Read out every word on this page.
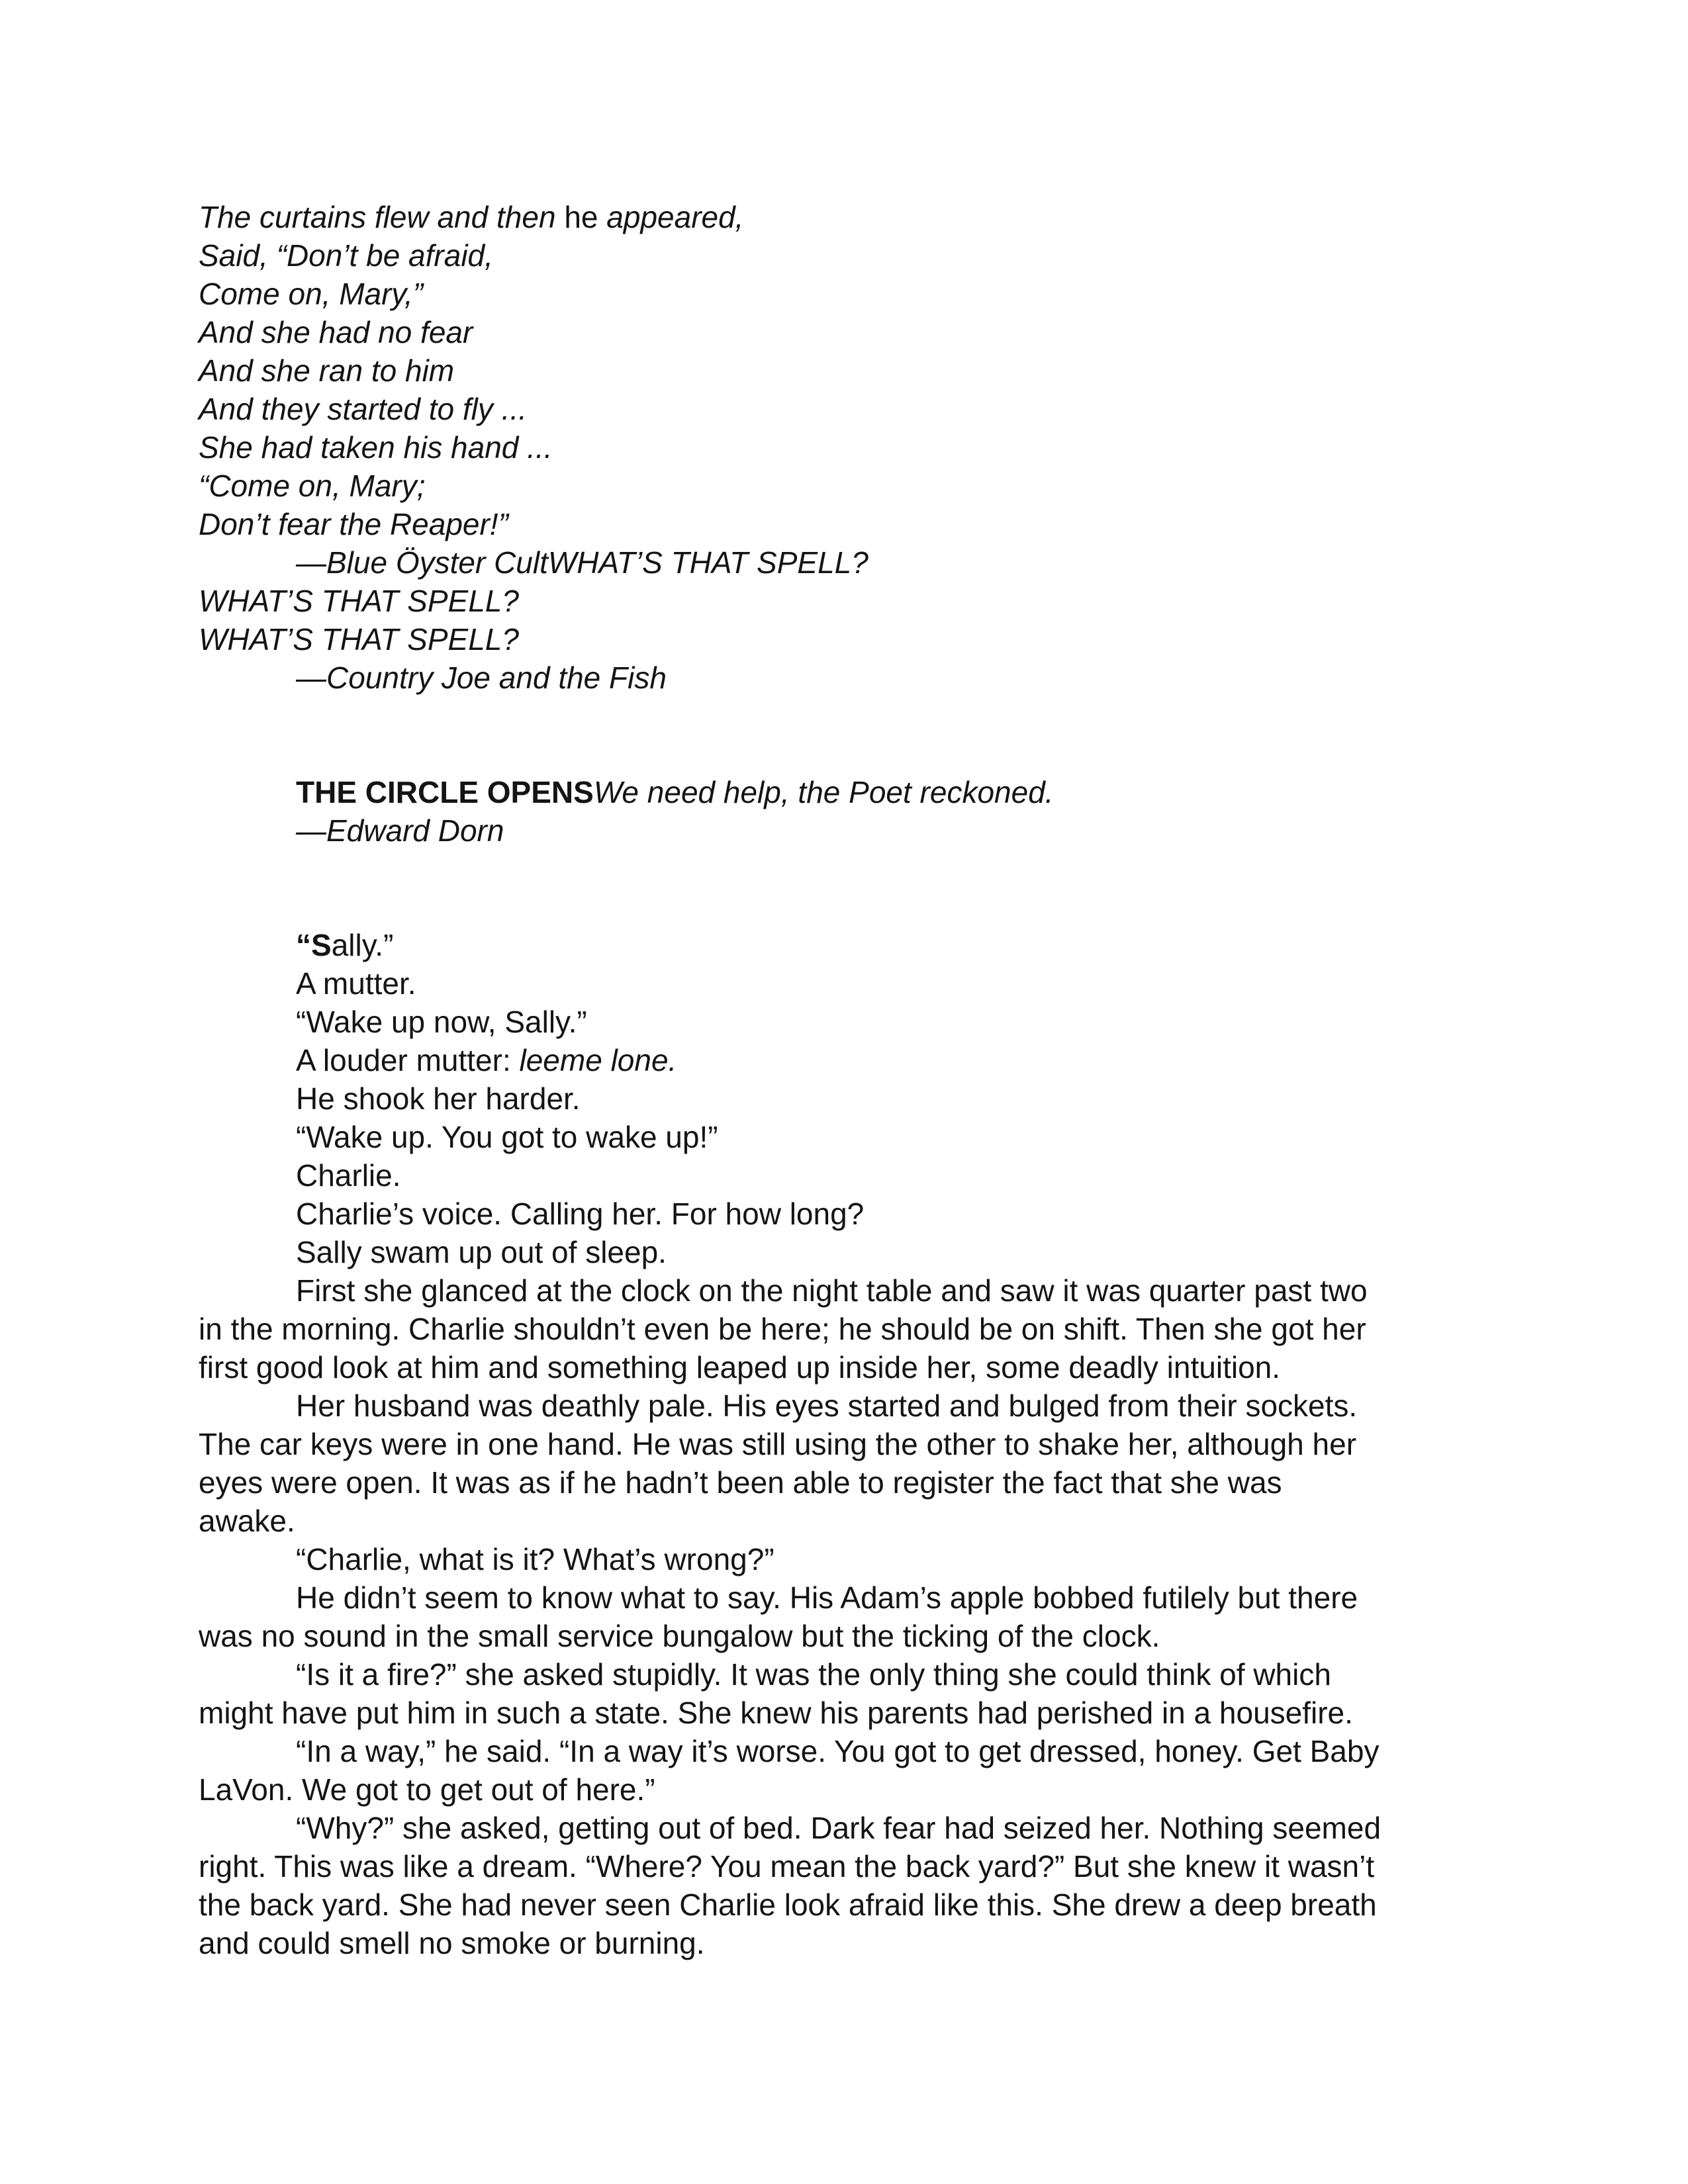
The curtains flew and then he appeared,
Said, “Don’t be afraid,
Come on, Mary,”
And she had no fear
And she ran to him
And they started to fly ...
She had taken his hand ...
“Come on, Mary;
Don’t fear the Reaper!”
—Blue Öyster CultWHAT’S THAT SPELL?
WHAT’S THAT SPELL?
WHAT’S THAT SPELL?
—Country Joe and the Fish
THE CIRCLE OPENSWe need help, the Poet reckoned.
—Edward Dorn
“Sally.”
A mutter.
“Wake up now, Sally.”
A louder mutter: leeme lone.
He shook her harder.
“Wake up. You got to wake up!”
Charlie.
Charlie’s voice. Calling her. For how long?
Sally swam up out of sleep.
First she glanced at the clock on the night table and saw it was quarter past two
in the morning. Charlie shouldn’t even be here; he should be on shift. Then she got her
first good look at him and something leaped up inside her, some deadly intuition.
Her husband was deathly pale. His eyes started and bulged from their sockets.
The car keys were in one hand. He was still using the other to shake her, although her
eyes were open. It was as if he hadn’t been able to register the fact that she was
awake.
“Charlie, what is it? What’s wrong?”
He didn’t seem to know what to say. His Adam’s apple bobbed futilely but there
was no sound in the small service bungalow but the ticking of the clock.
“Is it a fire?” she asked stupidly. It was the only thing she could think of which
might have put him in such a state. She knew his parents had perished in a housefire.
“In a way,” he said. “In a way it’s worse. You got to get dressed, honey. Get Baby
LaVon. We got to get out of here.”
“Why?” she asked, getting out of bed. Dark fear had seized her. Nothing seemed
right. This was like a dream. “Where? You mean the back yard?” But she knew it wasn’t
the back yard. She had never seen Charlie look afraid like this. She drew a deep breath
and could smell no smoke or burning.
